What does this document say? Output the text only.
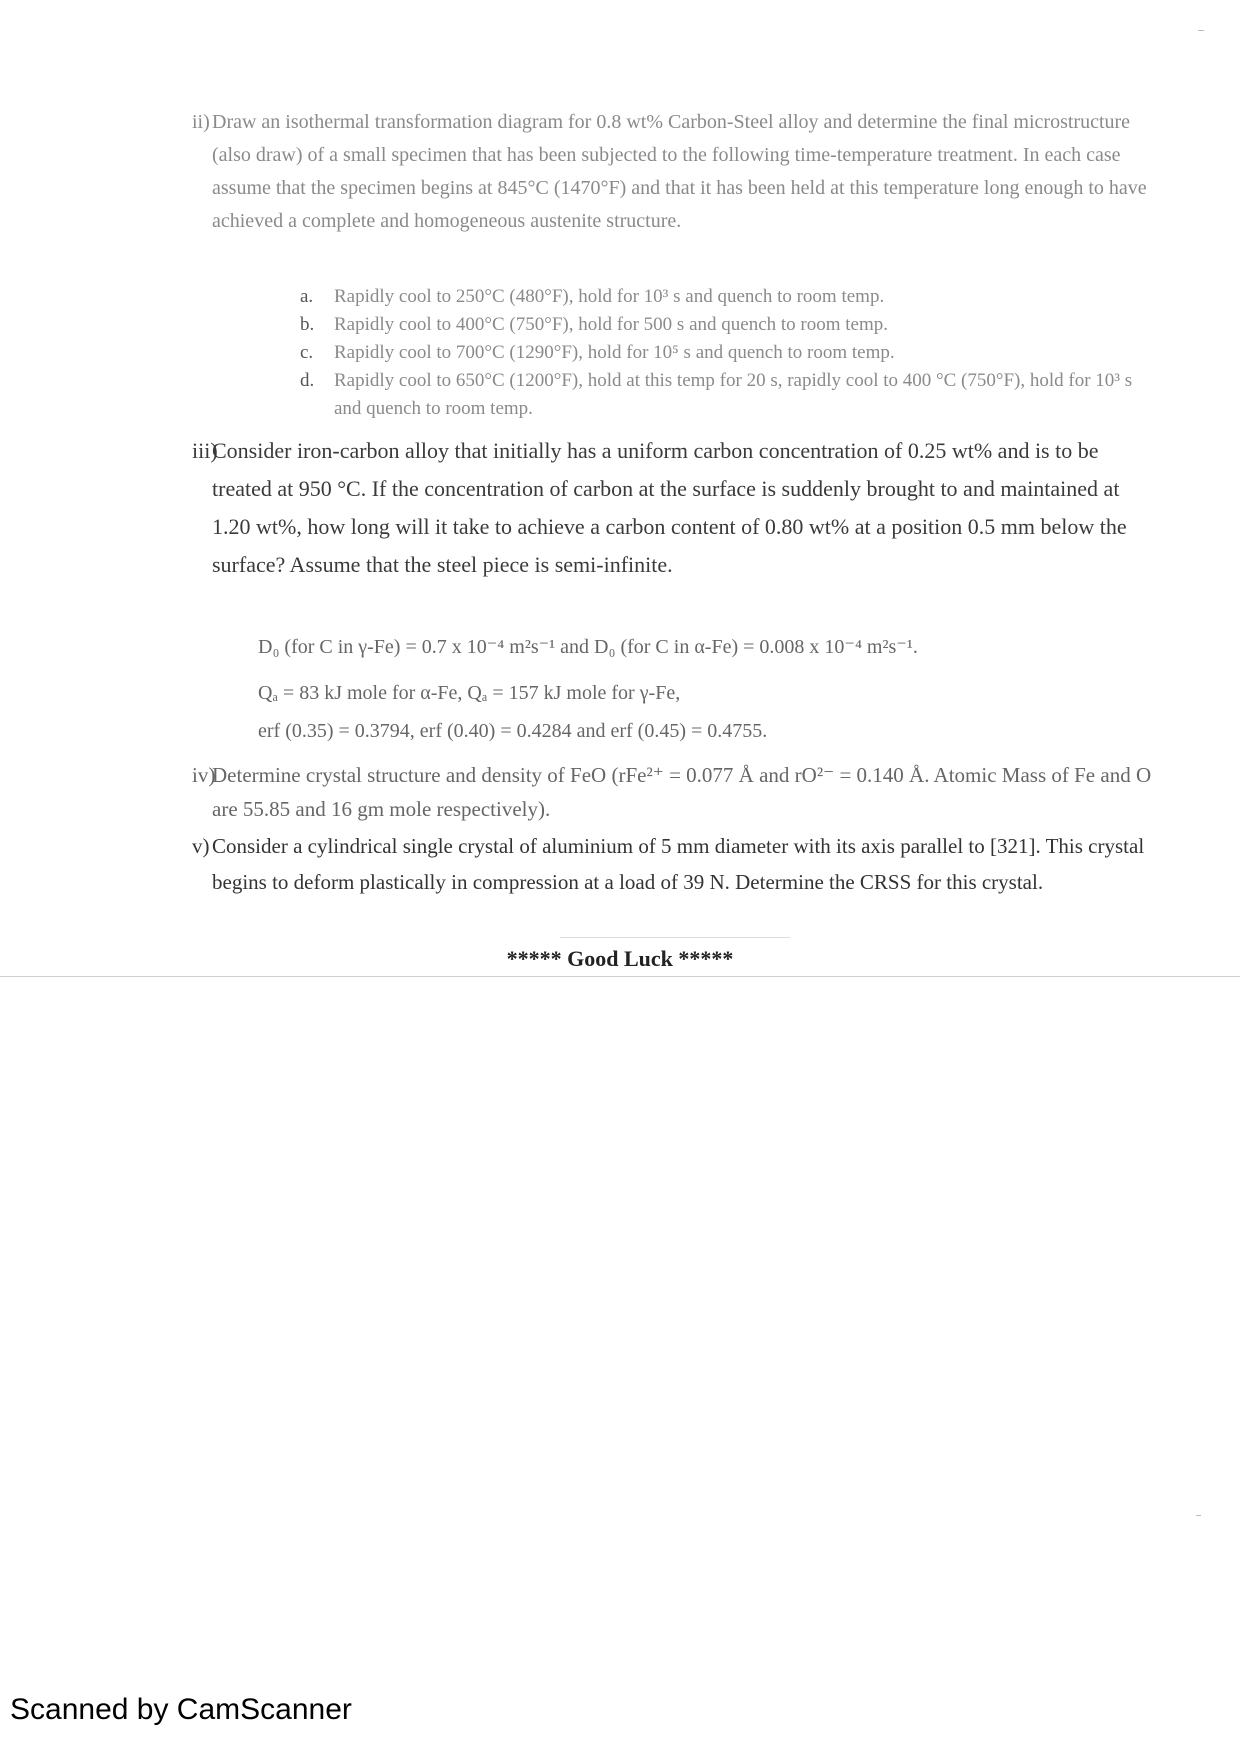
ii) Draw an isothermal transformation diagram for 0.8 wt% Carbon-Steel alloy and determine the final microstructure (also draw) of a small specimen that has been subjected to the following time-temperature treatment. In each case assume that the specimen begins at 845°C (1470°F) and that it has been held at this temperature long enough to have achieved a complete and homogeneous austenite structure.
a. Rapidly cool to 250°C (480°F), hold for 10³ s and quench to room temp.
b. Rapidly cool to 400°C (750°F), hold for 500 s and quench to room temp.
c. Rapidly cool to 700°C (1290°F), hold for 10⁵ s and quench to room temp.
d. Rapidly cool to 650°C (1200°F), hold at this temp for 20 s, rapidly cool to 400 °C (750°F), hold for 10³ s and quench to room temp.
iii)

Consider iron-carbon alloy that initially has a uniform carbon concentration of 0.25 wt% and is to be treated at 950 °C. If the concentration of carbon at the surface is suddenly brought to and maintained at 1.20 wt%, how long will it take to achieve a carbon content of 0.80 wt% at a position 0.5 mm below the surface? Assume that the steel piece is semi-infinite.

D₀ (for C in γ-Fe) = 0.7 x 10⁻⁴ m²s⁻¹ and D₀ (for C in α-Fe) = 0.008 x 10⁻⁴ m²s⁻¹.
Qₐ = 83 kJ mole for α-Fe, Qₐ = 157 kJ mole for γ-Fe,
erf (0.35) = 0.3794, erf (0.40) = 0.4284 and erf (0.45) = 0.4755.
iv)
Determine crystal structure and density of FeO (rFe²⁺ = 0.077 Å and rO²⁻ = 0.140 Å. Atomic Mass of Fe and O are 55.85 and 16 gm mole respectively).
v) Consider a cylindrical single crystal of aluminium of 5 mm diameter with its axis parallel to [321]. This crystal begins to deform plastically in compression at a load of 39 N. Determine the CRSS for this crystal.
***** Good Luck *****
Scanned by CamScanner
